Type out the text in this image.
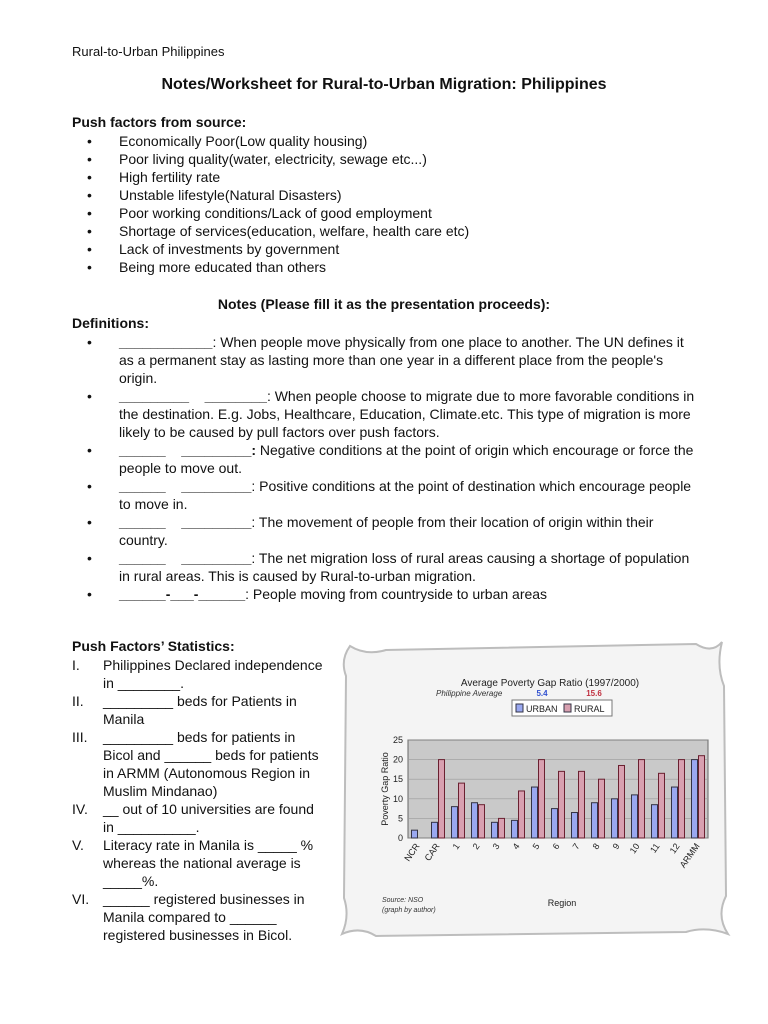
Rural-to-Urban Philippines
Notes/Worksheet for Rural-to-Urban Migration: Philippines
Push factors from source:
• Economically Poor(Low quality housing)
• Poor living quality(water, electricity, sewage etc...)
• High fertility rate
• Unstable lifestyle(Natural Disasters)
• Poor working conditions/Lack of good employment
• Shortage of services(education, welfare, health care etc)
• Lack of investments by government
• Being more educated than others
Notes (Please fill it as the presentation proceeds):
Definitions:
• ____________: When people move physically from one place to another. The UN defines it as a permanent stay as lasting more than one year in a different place from the people's origin.
• _________    ________: When people choose to migrate due to more favorable conditions in the destination. E.g. Jobs, Healthcare, Education, Climate.etc. This type of migration is more likely to be caused by pull factors over push factors.
• ______    _________: Negative conditions at the point of origin which encourage or force the people to move out.
• ______    _________: Positive conditions at the point of destination which encourage people to move in.
• ______    _________: The movement of people from their location of origin within their country.
• ______    _________: The net migration loss of rural areas causing a shortage of population in rural areas. This is caused by Rural-to-urban migration.
• ______-___-______: People moving from countryside to urban areas
Push Factors’ Statistics:
I. Philippines Declared independence in ________.
II. _________ beds for Patients in Manila
III. _________ beds for patients in Bicol and ______ beds for patients in ARMM (Autonomous Region in Muslim Mindanao)
IV. __ out of 10 universities are found in __________.
V. Literacy rate in Manila is _____ % whereas the national average is _____%.
VI. ______ registered businesses in Manila compared to ______ registered businesses in Bicol.
Average Poverty Gap Ratio (1997/2000)
Philippine Average	5.4	15.6
URBAN RURAL
0
5
10
15
20
25
Poverty Gap Ratio
NCR CAR 1 2 3 4 5 6 7 8 9 10 11 12
ARMM
Region
Source: NSO
(graph by author)
